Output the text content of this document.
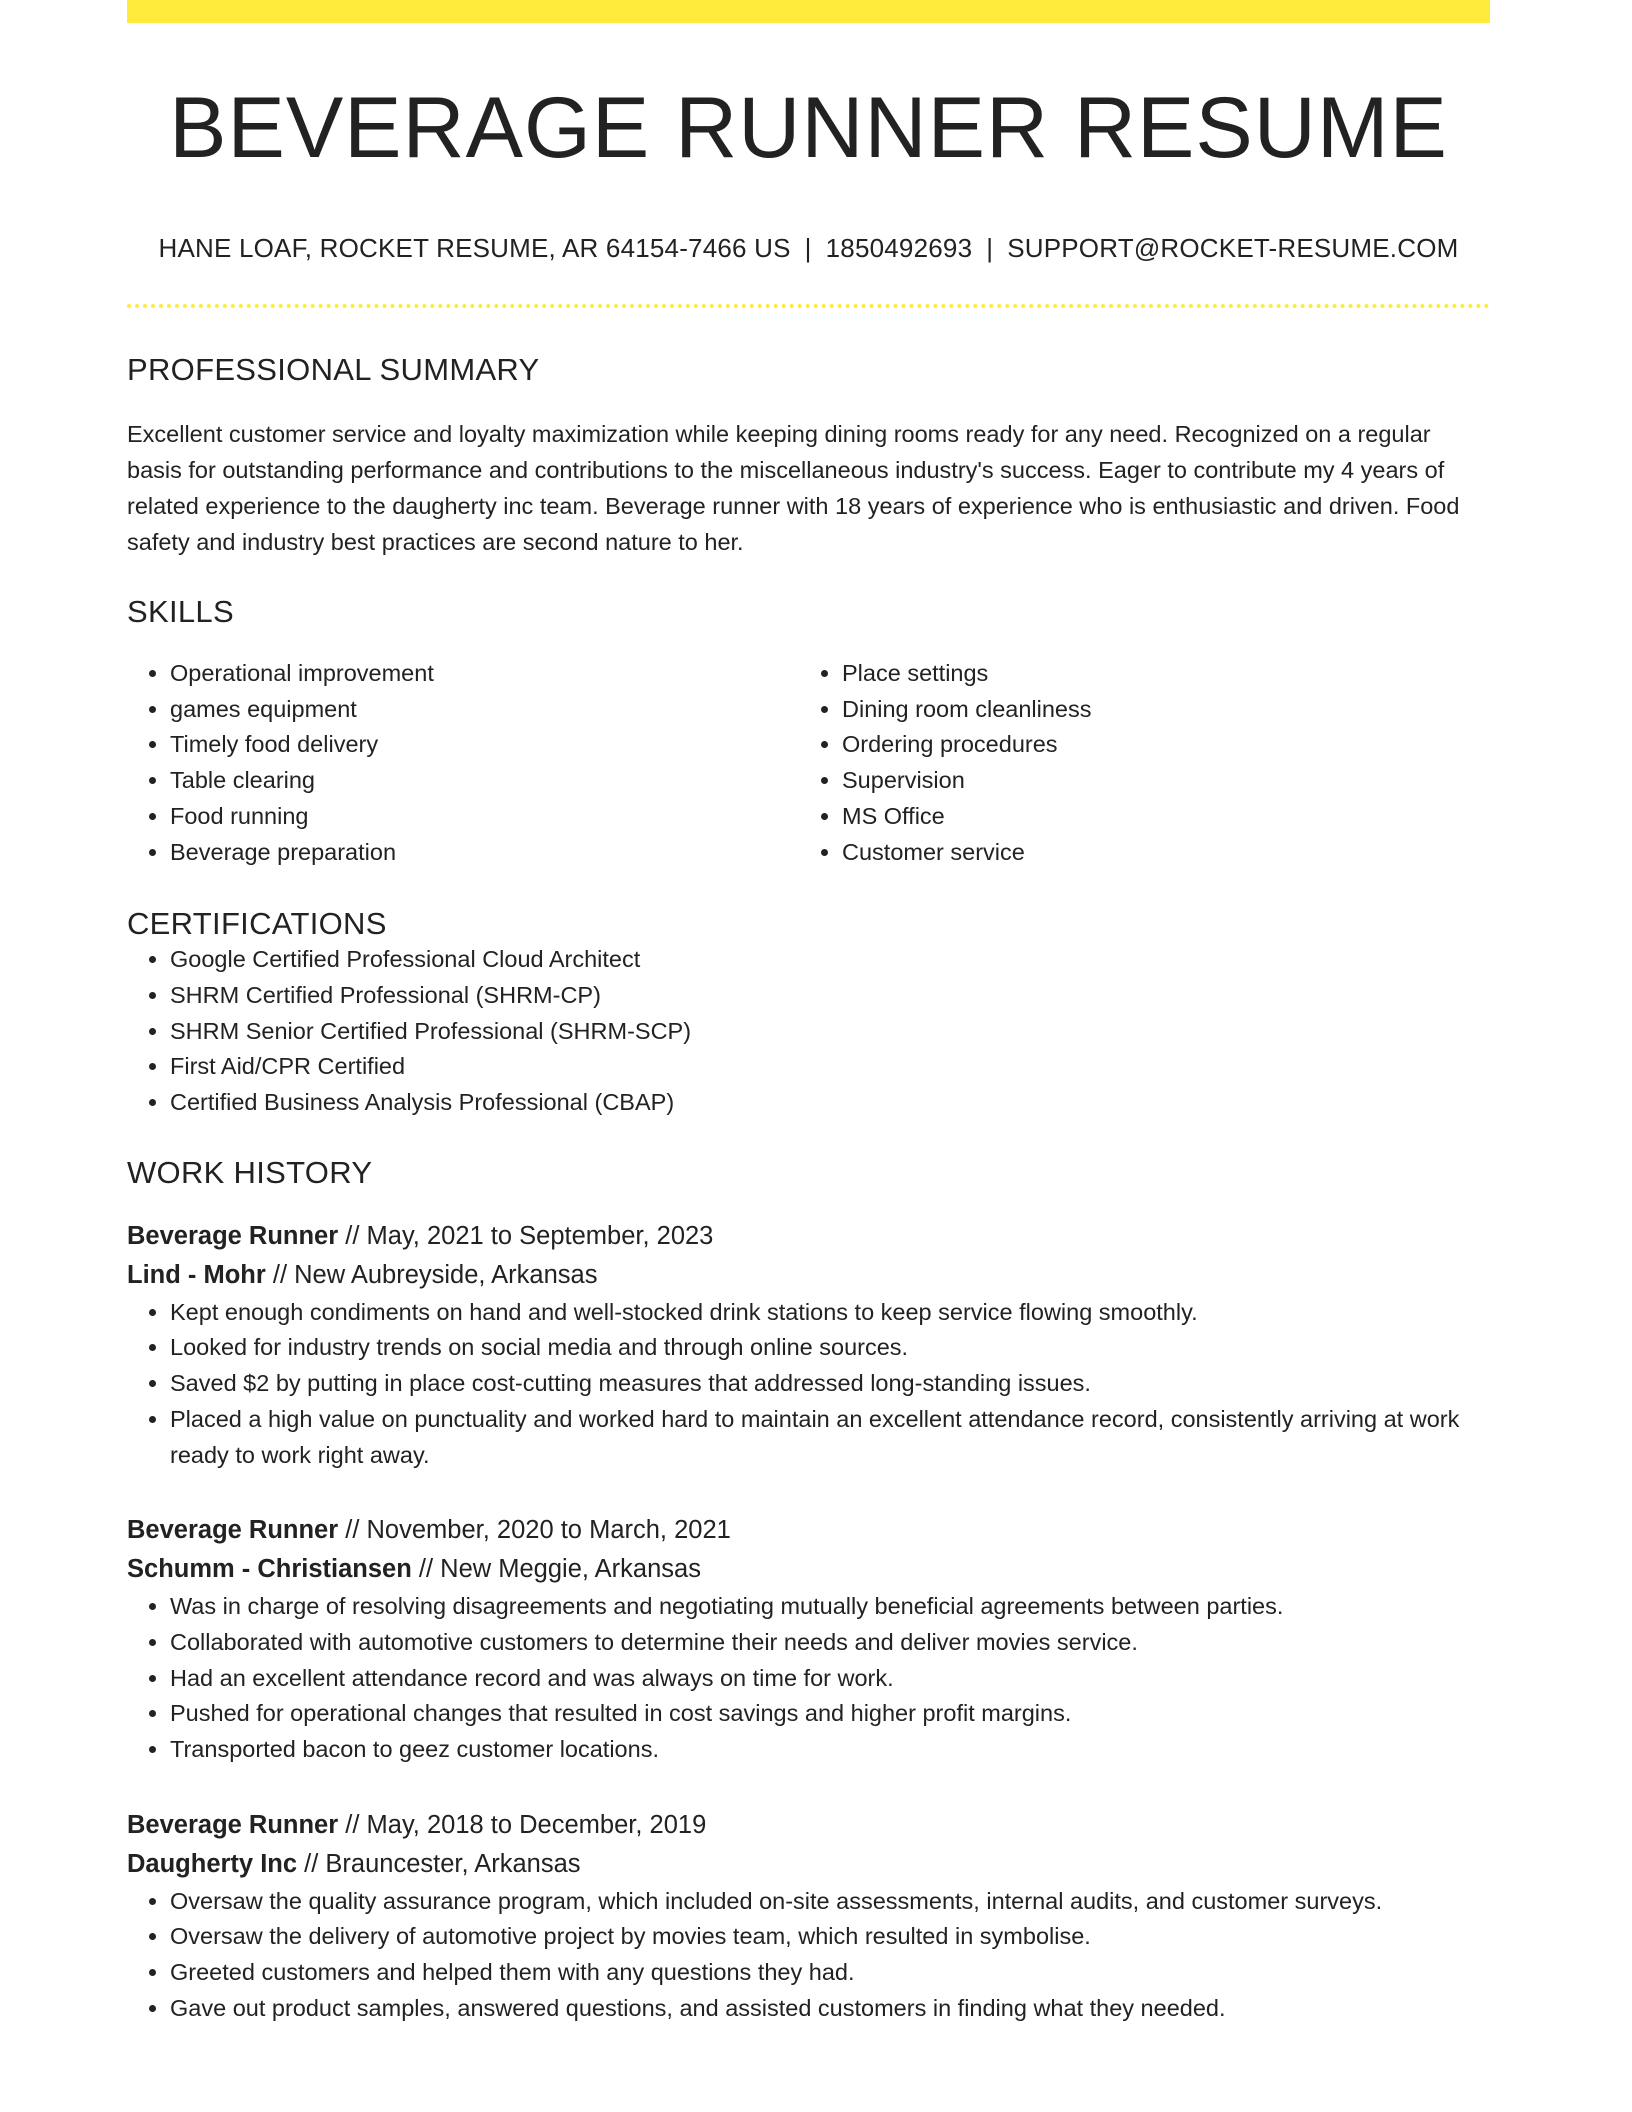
BEVERAGE RUNNER RESUME
HANE LOAF, ROCKET RESUME, AR 64154-7466 US | 1850492693 | SUPPORT@ROCKET-RESUME.COM
PROFESSIONAL SUMMARY
Excellent customer service and loyalty maximization while keeping dining rooms ready for any need. Recognized on a regular basis for outstanding performance and contributions to the miscellaneous industry's success. Eager to contribute my 4 years of related experience to the daugherty inc team. Beverage runner with 18 years of experience who is enthusiastic and driven. Food safety and industry best practices are second nature to her.
SKILLS
• Operational improvement
• games equipment
• Timely food delivery
• Table clearing
• Food running
• Beverage preparation
• Place settings
• Dining room cleanliness
• Ordering procedures
• Supervision
• MS Office
• Customer service
CERTIFICATIONS
• Google Certified Professional Cloud Architect
• SHRM Certified Professional (SHRM-CP)
• SHRM Senior Certified Professional (SHRM-SCP)
• First Aid/CPR Certified
• Certified Business Analysis Professional (CBAP)
WORK HISTORY
Beverage Runner // May, 2021 to September, 2023
Lind - Mohr // New Aubreyside, Arkansas
• Kept enough condiments on hand and well-stocked drink stations to keep service flowing smoothly.
• Looked for industry trends on social media and through online sources.
• Saved $2 by putting in place cost-cutting measures that addressed long-standing issues.
• Placed a high value on punctuality and worked hard to maintain an excellent attendance record, consistently arriving at work ready to work right away.
Beverage Runner // November, 2020 to March, 2021
Schumm - Christiansen // New Meggie, Arkansas
• Was in charge of resolving disagreements and negotiating mutually beneficial agreements between parties.
• Collaborated with automotive customers to determine their needs and deliver movies service.
• Had an excellent attendance record and was always on time for work.
• Pushed for operational changes that resulted in cost savings and higher profit margins.
• Transported bacon to geez customer locations.
Beverage Runner // May, 2018 to December, 2019
Daugherty Inc // Brauncester, Arkansas
• Oversaw the quality assurance program, which included on-site assessments, internal audits, and customer surveys.
• Oversaw the delivery of automotive project by movies team, which resulted in symbolise.
• Greeted customers and helped them with any questions they had.
• Gave out product samples, answered questions, and assisted customers in finding what they needed.
